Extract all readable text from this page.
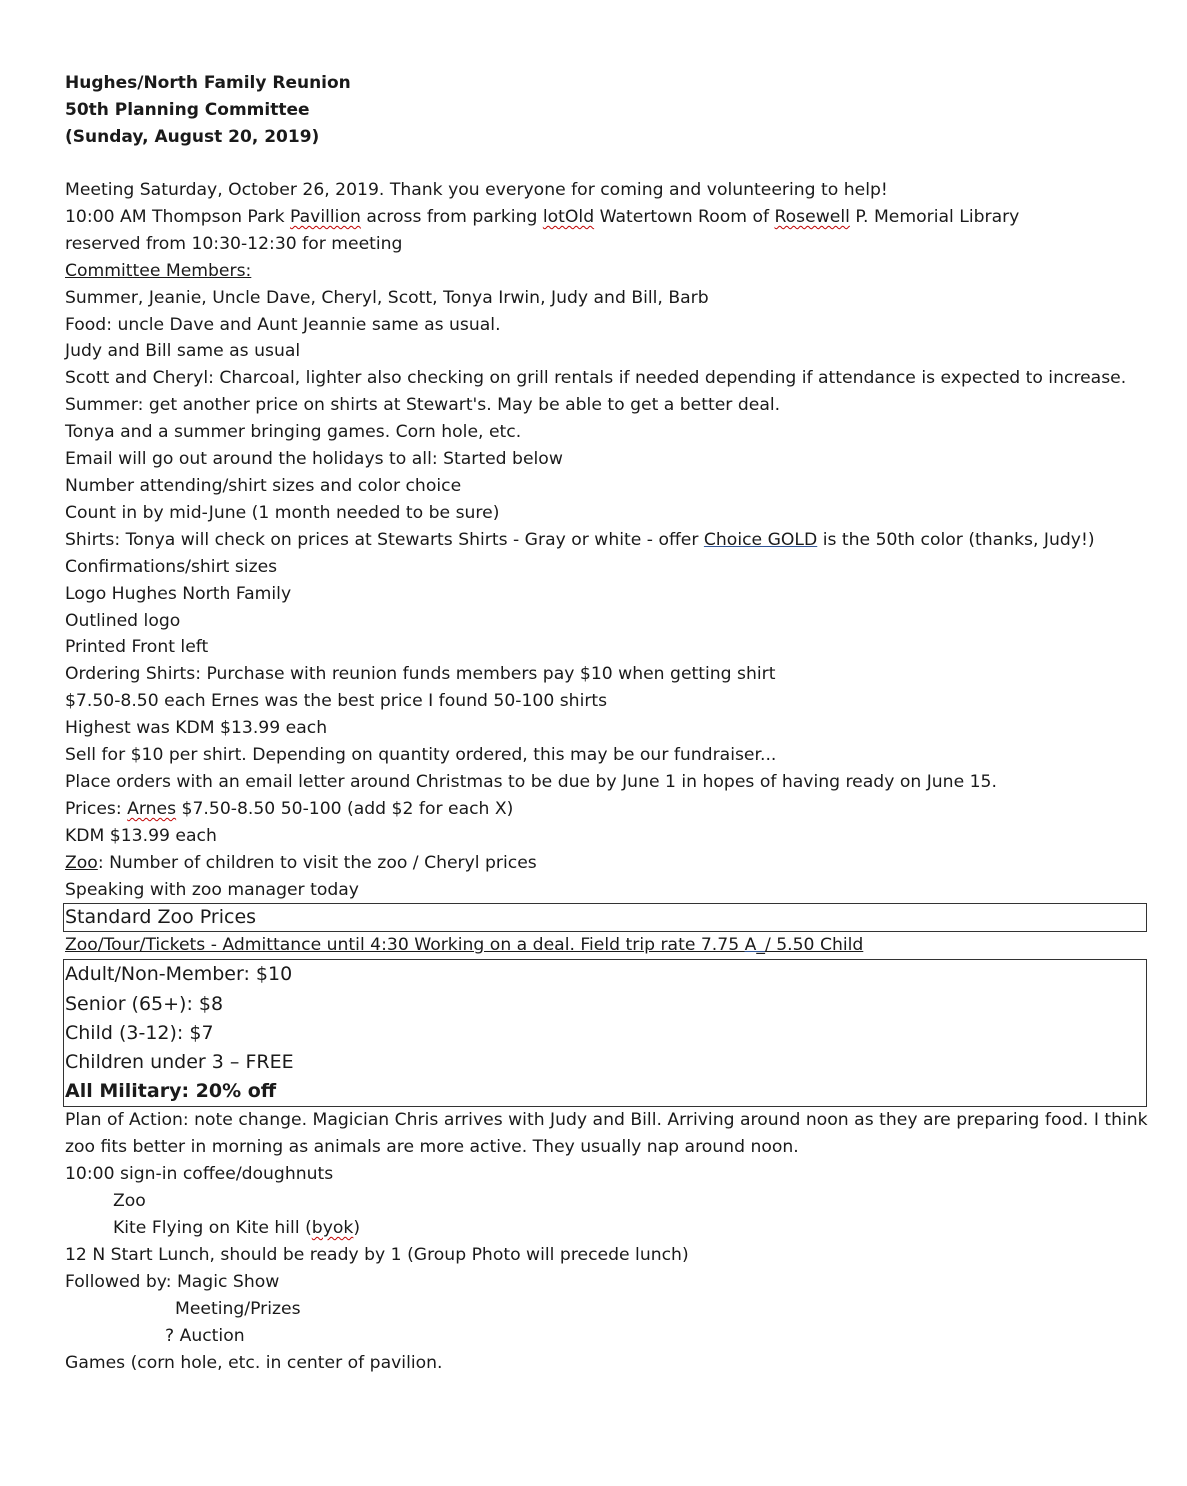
Hughes/North Family Reunion

50th Planning Committee

(Sunday, August 20, 2019)

Meeting Saturday, October 26, 2019. Thank you everyone for coming and volunteering to help!

10:00 AM Thompson Park Pavillion across from parking lotOld Watertown Room of Rosewell P. Memorial Library

reserved from 10:30-12:30 for meeting

Committee Members:

Summer, Jeanie, Uncle Dave, Cheryl, Scott, Tonya Irwin, Judy and Bill, Barb

Food: uncle Dave and Aunt Jeannie same as usual.

Judy and Bill same as usual

Scott and Cheryl: Charcoal, lighter also checking on grill rentals if needed depending if attendance is expected to increase.

Summer: get another price on shirts at Stewart's. May be able to get a better deal.

Tonya and a summer bringing games. Corn hole, etc.

Email will go out around the holidays to all: Started below

Number attending/shirt sizes and color choice

Count in by mid-June (1 month needed to be sure)

Shirts: Tonya will check on prices at Stewarts Shirts - Gray or white - offer Choice GOLD is the 50th color (thanks, Judy!)

Confirmations/shirt sizes

Logo Hughes North Family

Outlined logo

Printed Front left

Ordering Shirts: Purchase with reunion funds members pay $10 when getting shirt

$7.50-8.50 each Ernes was the best price I found 50-100 shirts

Highest was KDM $13.99 each

Sell for $10 per shirt. Depending on quantity ordered, this may be our fundraiser...

Place orders with an email letter around Christmas to be due by June 1 in hopes of having ready on June 15.

Prices: Arnes $7.50-8.50 50-100 (add $2 for each X)

KDM $13.99 each

Zoo: Number of children to visit the zoo / Cheryl prices

Speaking with zoo manager today

Standard Zoo Prices

Zoo/Tour/Tickets - Admittance until 4:30 Working on a deal. Field trip rate 7.75 A_/ 5.50 Child

Adult/Non-Member: $10

Senior (65+): $8

Child (3-12): $7

Children under 3 – FREE

All Military: 20% off

Plan of Action: note change. Magician Chris arrives with Judy and Bill. Arriving around noon as they are preparing food. I think zoo fits better in morning as animals are more active. They usually nap around noon.

10:00 sign-in coffee/doughnuts

Zoo

Kite Flying on Kite hill (byok)

12 N Start Lunch, should be ready by 1 (Group Photo will precede lunch)

Followed by: Magic Show

Meeting/Prizes

? Auction

Games (corn hole, etc. in center of pavilion.
